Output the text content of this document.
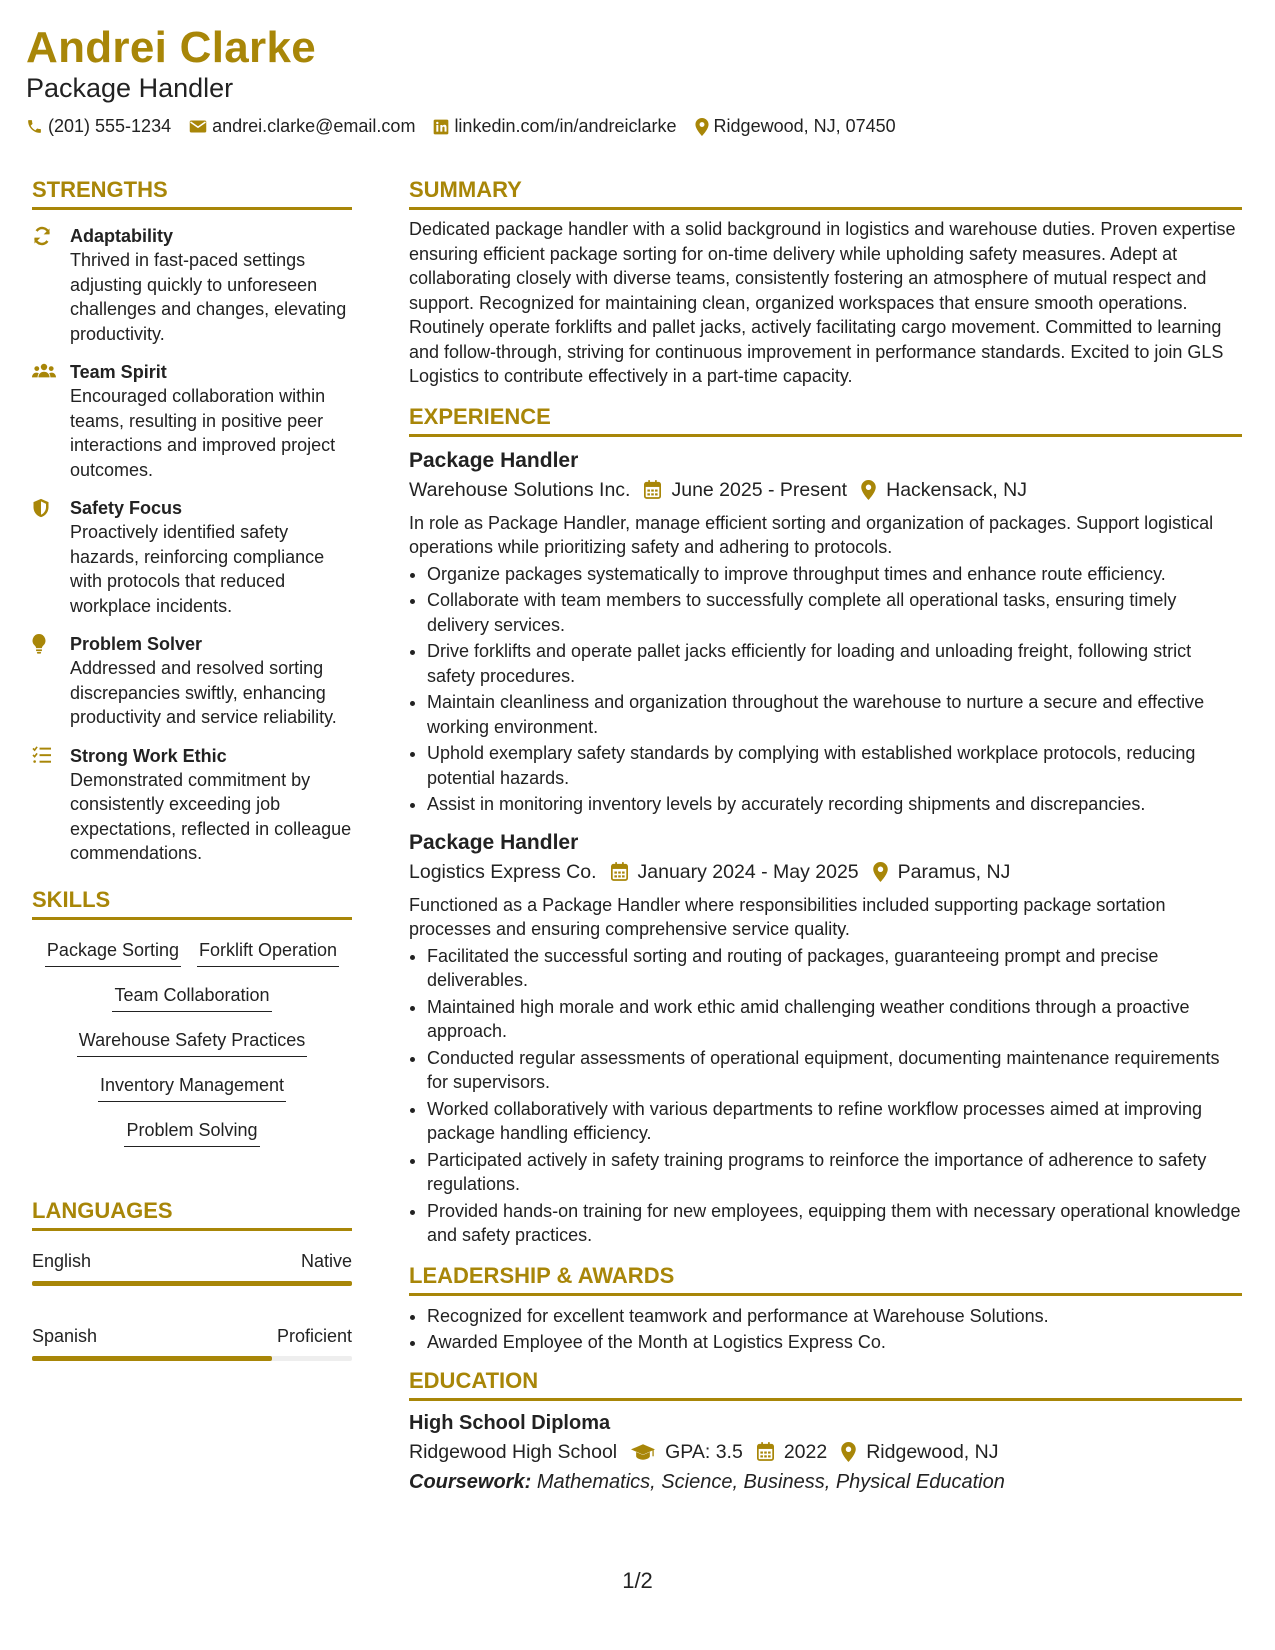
Andrei Clarke
Package Handler
(201) 555-1234 andrei.clarke@email.com linkedin.com/in/andreiclarke Ridgewood, NJ, 07450
STRENGTHS
Adaptability
Thrived in fast-paced settings adjusting quickly to unforeseen challenges and changes, elevating productivity.
Team Spirit
Encouraged collaboration within teams, resulting in positive peer interactions and improved project outcomes.
Safety Focus
Proactively identified safety hazards, reinforcing compliance with protocols that reduced workplace incidents.
Problem Solver
Addressed and resolved sorting discrepancies swiftly, enhancing productivity and service reliability.
Strong Work Ethic
Demonstrated commitment by consistently exceeding job expectations, reflected in colleague commendations.
SKILLS
Package Sorting Forklift Operation
Team Collaboration
Warehouse Safety Practices
Inventory Management
Problem Solving
LANGUAGES
English	Native
Spanish	Proficient
SUMMARY
Dedicated package handler with a solid background in logistics and warehouse duties. Proven expertise ensuring efficient package sorting for on-time delivery while upholding safety measures. Adept at collaborating closely with diverse teams, consistently fostering an atmosphere of mutual respect and support. Recognized for maintaining clean, organized workspaces that ensure smooth operations. Routinely operate forklifts and pallet jacks, actively facilitating cargo movement. Committed to learning and follow-through, striving for continuous improvement in performance standards. Excited to join GLS Logistics to contribute effectively in a part-time capacity.
EXPERIENCE
Package Handler
Warehouse Solutions Inc. June 2025 - Present Hackensack, NJ
In role as Package Handler, manage efficient sorting and organization of packages. Support logistical operations while prioritizing safety and adhering to protocols.
• Organize packages systematically to improve throughput times and enhance route efficiency.
• Collaborate with team members to successfully complete all operational tasks, ensuring timely delivery services.
• Drive forklifts and operate pallet jacks efficiently for loading and unloading freight, following strict safety procedures.
• Maintain cleanliness and organization throughout the warehouse to nurture a secure and effective working environment.
• Uphold exemplary safety standards by complying with established workplace protocols, reducing potential hazards.
• Assist in monitoring inventory levels by accurately recording shipments and discrepancies.
Package Handler
Logistics Express Co. January 2024 - May 2025 Paramus, NJ
Functioned as a Package Handler where responsibilities included supporting package sortation processes and ensuring comprehensive service quality.
• Facilitated the successful sorting and routing of packages, guaranteeing prompt and precise deliverables.
• Maintained high morale and work ethic amid challenging weather conditions through a proactive approach.
• Conducted regular assessments of operational equipment, documenting maintenance requirements for supervisors.
• Worked collaboratively with various departments to refine workflow processes aimed at improving package handling efficiency.
• Participated actively in safety training programs to reinforce the importance of adherence to safety regulations.
• Provided hands-on training for new employees, equipping them with necessary operational knowledge and safety practices.
LEADERSHIP & AWARDS
• Recognized for excellent teamwork and performance at Warehouse Solutions.
• Awarded Employee of the Month at Logistics Express Co.
EDUCATION
High School Diploma
Ridgewood High School GPA: 3.5 2022 Ridgewood, NJ
Coursework: Mathematics, Science, Business, Physical Education
1/2
